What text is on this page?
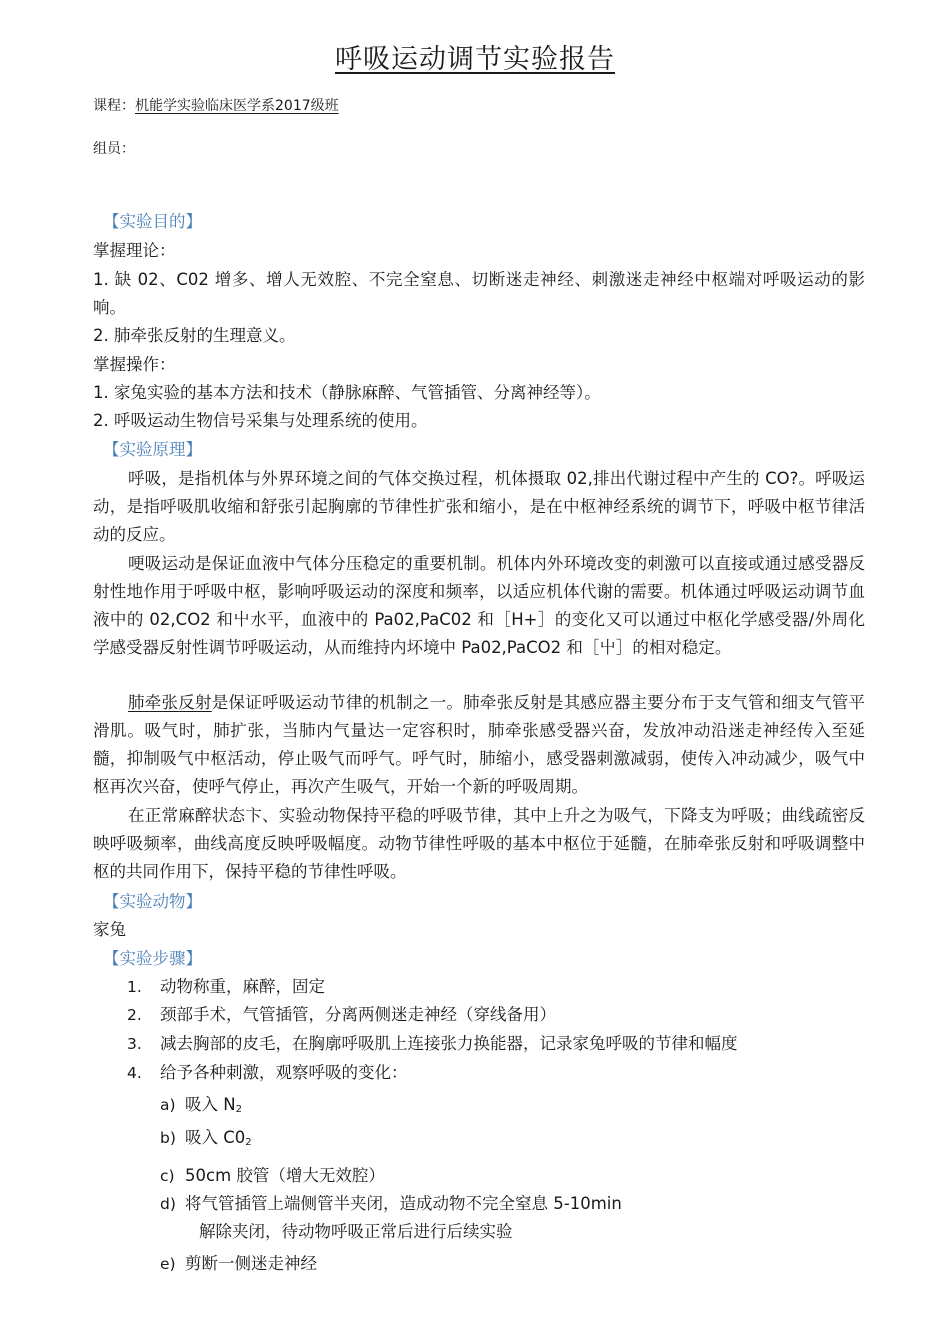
呼吸运动调节实验报告
课程：机能学实验临床医学系2017级班
组员：
【实验目的】
掌握理论：
1. 缺 02、C02 增多、增人无效腔、不完全窒息、切断迷走神经、刺激迷走神经中枢端对呼吸运动的影响。
2. 肺牵张反射的生理意义。
掌握操作：
1. 家兔实验的基本方法和技术（静脉麻醉、气管插管、分离神经等）。
2. 呼吸运动生物信号采集与处理系统的使用。
【实验原理】
呼吸，是指机体与外界环境之间的气体交换过程，机体摄取 02,排出代谢过程中产生的 CO?。呼吸运动，是指呼吸肌收缩和舒张引起胸廓的节律性扩张和缩小，是在中枢神经系统的调节下，呼吸中枢节律活动的反应。
哽吸运动是保证血液中气体分压稳定的重要机制。机体内外环境改变的刺激可以直接或通过感受器反射性地作用于呼吸中枢，影响呼吸运动的深度和频率，以适应机体代谢的需要。机体通过呼吸运动调节血液中的 02,CO2 和屮水平，血液中的 Pa02,PaC02 和［H+］的变化又可以通过中枢化学感受器/外周化学感受器反射性调节呼吸运动，从而维持内坏境中 Pa02,PaCO2 和［屮］的相对稳定。
肺牵张反射是保证呼吸运动节律的机制之一。肺牵张反射是其感应器主要分布于支气管和细支气管平滑肌。吸气时，肺扩张，当肺内气量达一定容积时，肺牵张感受器兴奋，发放冲动沿迷走神经传入至延髓，抑制吸气中枢活动，停止吸气而呼气。呼气时，肺缩小，感受器刺激减弱，使传入冲动减少，吸气中枢再次兴奋，使呼气停止，再次产生吸气，开始一个新的呼吸周期。
在正常麻醉状态卞、实验动物保持平稳的呼吸节律，其中上升之为吸气，下降支为呼吸；曲线疏密反映呼吸频率，曲线高度反映呼吸幅度。动物节律性呼吸的基本中枢位于延髓，在肺牵张反射和呼吸调整中枢的共同作用下，保持平稳的节律性呼吸。
【实验动物】
家兔
【实验步骤】
1. 动物称重，麻醉，固定
2. 颈部手术，气管插管，分离两侧迷走神经（穿线备用）
3. 减去胸部的皮毛，在胸廓呼吸肌上连接张力换能器，记录家兔呼吸的节律和幅度
4. 给予各种刺激，观察呼吸的变化：
a) 吸入 $N_2$
b) 吸入 $C0_2$
c) 50cm 胶管（增大无效腔）
d) 将气管插管上端侧管半夹闭，造成动物不完全窒息 5-10min
解除夹闭，待动物呼吸正常后进行后续实验
e) 剪断一侧迷走神经
